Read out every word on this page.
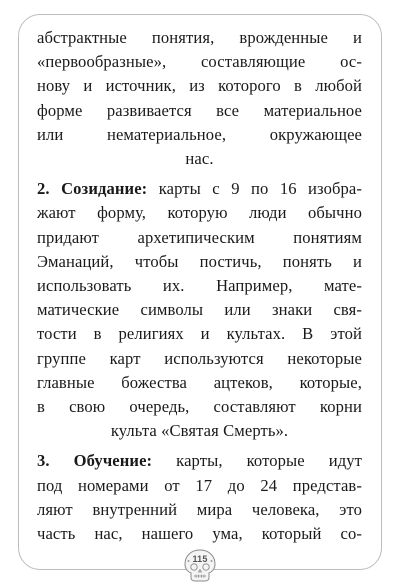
абстрактные понятия, врожденные и
«первообразные», составляющие ос-
нову и источник, из которого в любой
форме развивается все материальное
или нематериальное, окружающее
нас.
2. Созидание: карты с 9 по 16 изобра-
жают форму, которую люди обычно
придают архетипическим понятиям
Эманаций, чтобы постичь, понять и
использовать их. Например, мате-
матические символы или знаки свя-
тости в религиях и культах. В этой
группе карт используются некоторые
главные божества ацтеков, которые,
в свою очередь, составляют корни
культа «Святая Смерть».
3. Обучение: карты, которые идут
под номерами от 17 до 24 представ-
ляют внутренний мира человека, это
часть нас, нашего ума, который со-
115
